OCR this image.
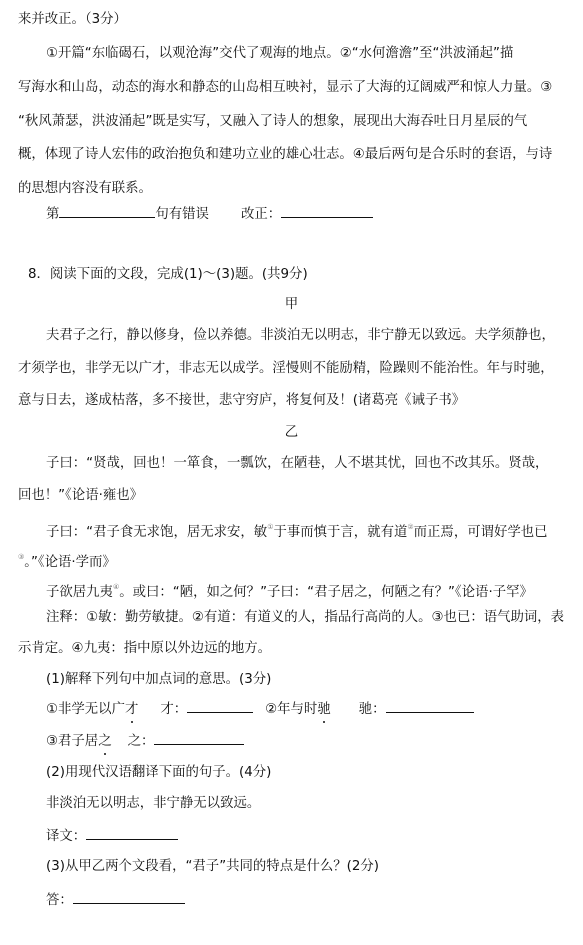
来并改正。（3分）
①开篇“东临碣石，以观沧海”交代了观海的地点。②“水何澹澹”至“洪波涌起”描
写海水和山岛，动态的海水和静态的山岛相互映衬，显示了大海的辽阔威严和惊人力量。③
“秋风萧瑟，洪波涌起”既是实写，又融入了诗人的想象，展现出大海吞吐日月星辰的气
概，体现了诗人宏伟的政治抱负和建功立业的雄心壮志。④最后两句是合乐时的套语，与诗
的思想内容没有联系。
第	句有错误 改正：
8．阅读下面的文段，完成(1)～(3)题。(共9分)
甲
夫君子之行，静以修身，俭以养德。非淡泊无以明志，非宁静无以致远。夫学须静也，
才须学也，非学无以广才，非志无以成学。淫慢则不能励精，险躁则不能治性。年与时驰，
意与日去，遂成枯落，多不接世，悲守穷庐，将复何及！(诸葛亮《诫子书》
乙
子曰：“贤哉，回也！一箪食，一瓢饮，在陋巷，人不堪其忧，回也不改其乐。贤哉，
回也！”《论语·雍也》
子曰：“君子食无求饱，居无求安，敏①于事而慎于言，就有道②而正焉，可谓好学也已
③。”《论语·学而》
子欲居九夷④。或曰：“陋，如之何？”子曰：“君子居之，何陋之有？”《论语·子罕》
注释：①敏：勤劳敏捷。②有道：有道义的人，指品行高尚的人。③也已：语气助词，表
示肯定。④九夷：指中原以外边远的地方。
(1)解释下列句中加点词的意思。(3分)
①非学无以广才 才：	②年与时驰 驰：
③君子居之 之：
(2)用现代汉语翻译下面的句子。(4分)
非淡泊无以明志，非宁静无以致远。
译文：
(3)从甲乙两个文段看，“君子”共同的特点是什么？(2分)
答：
